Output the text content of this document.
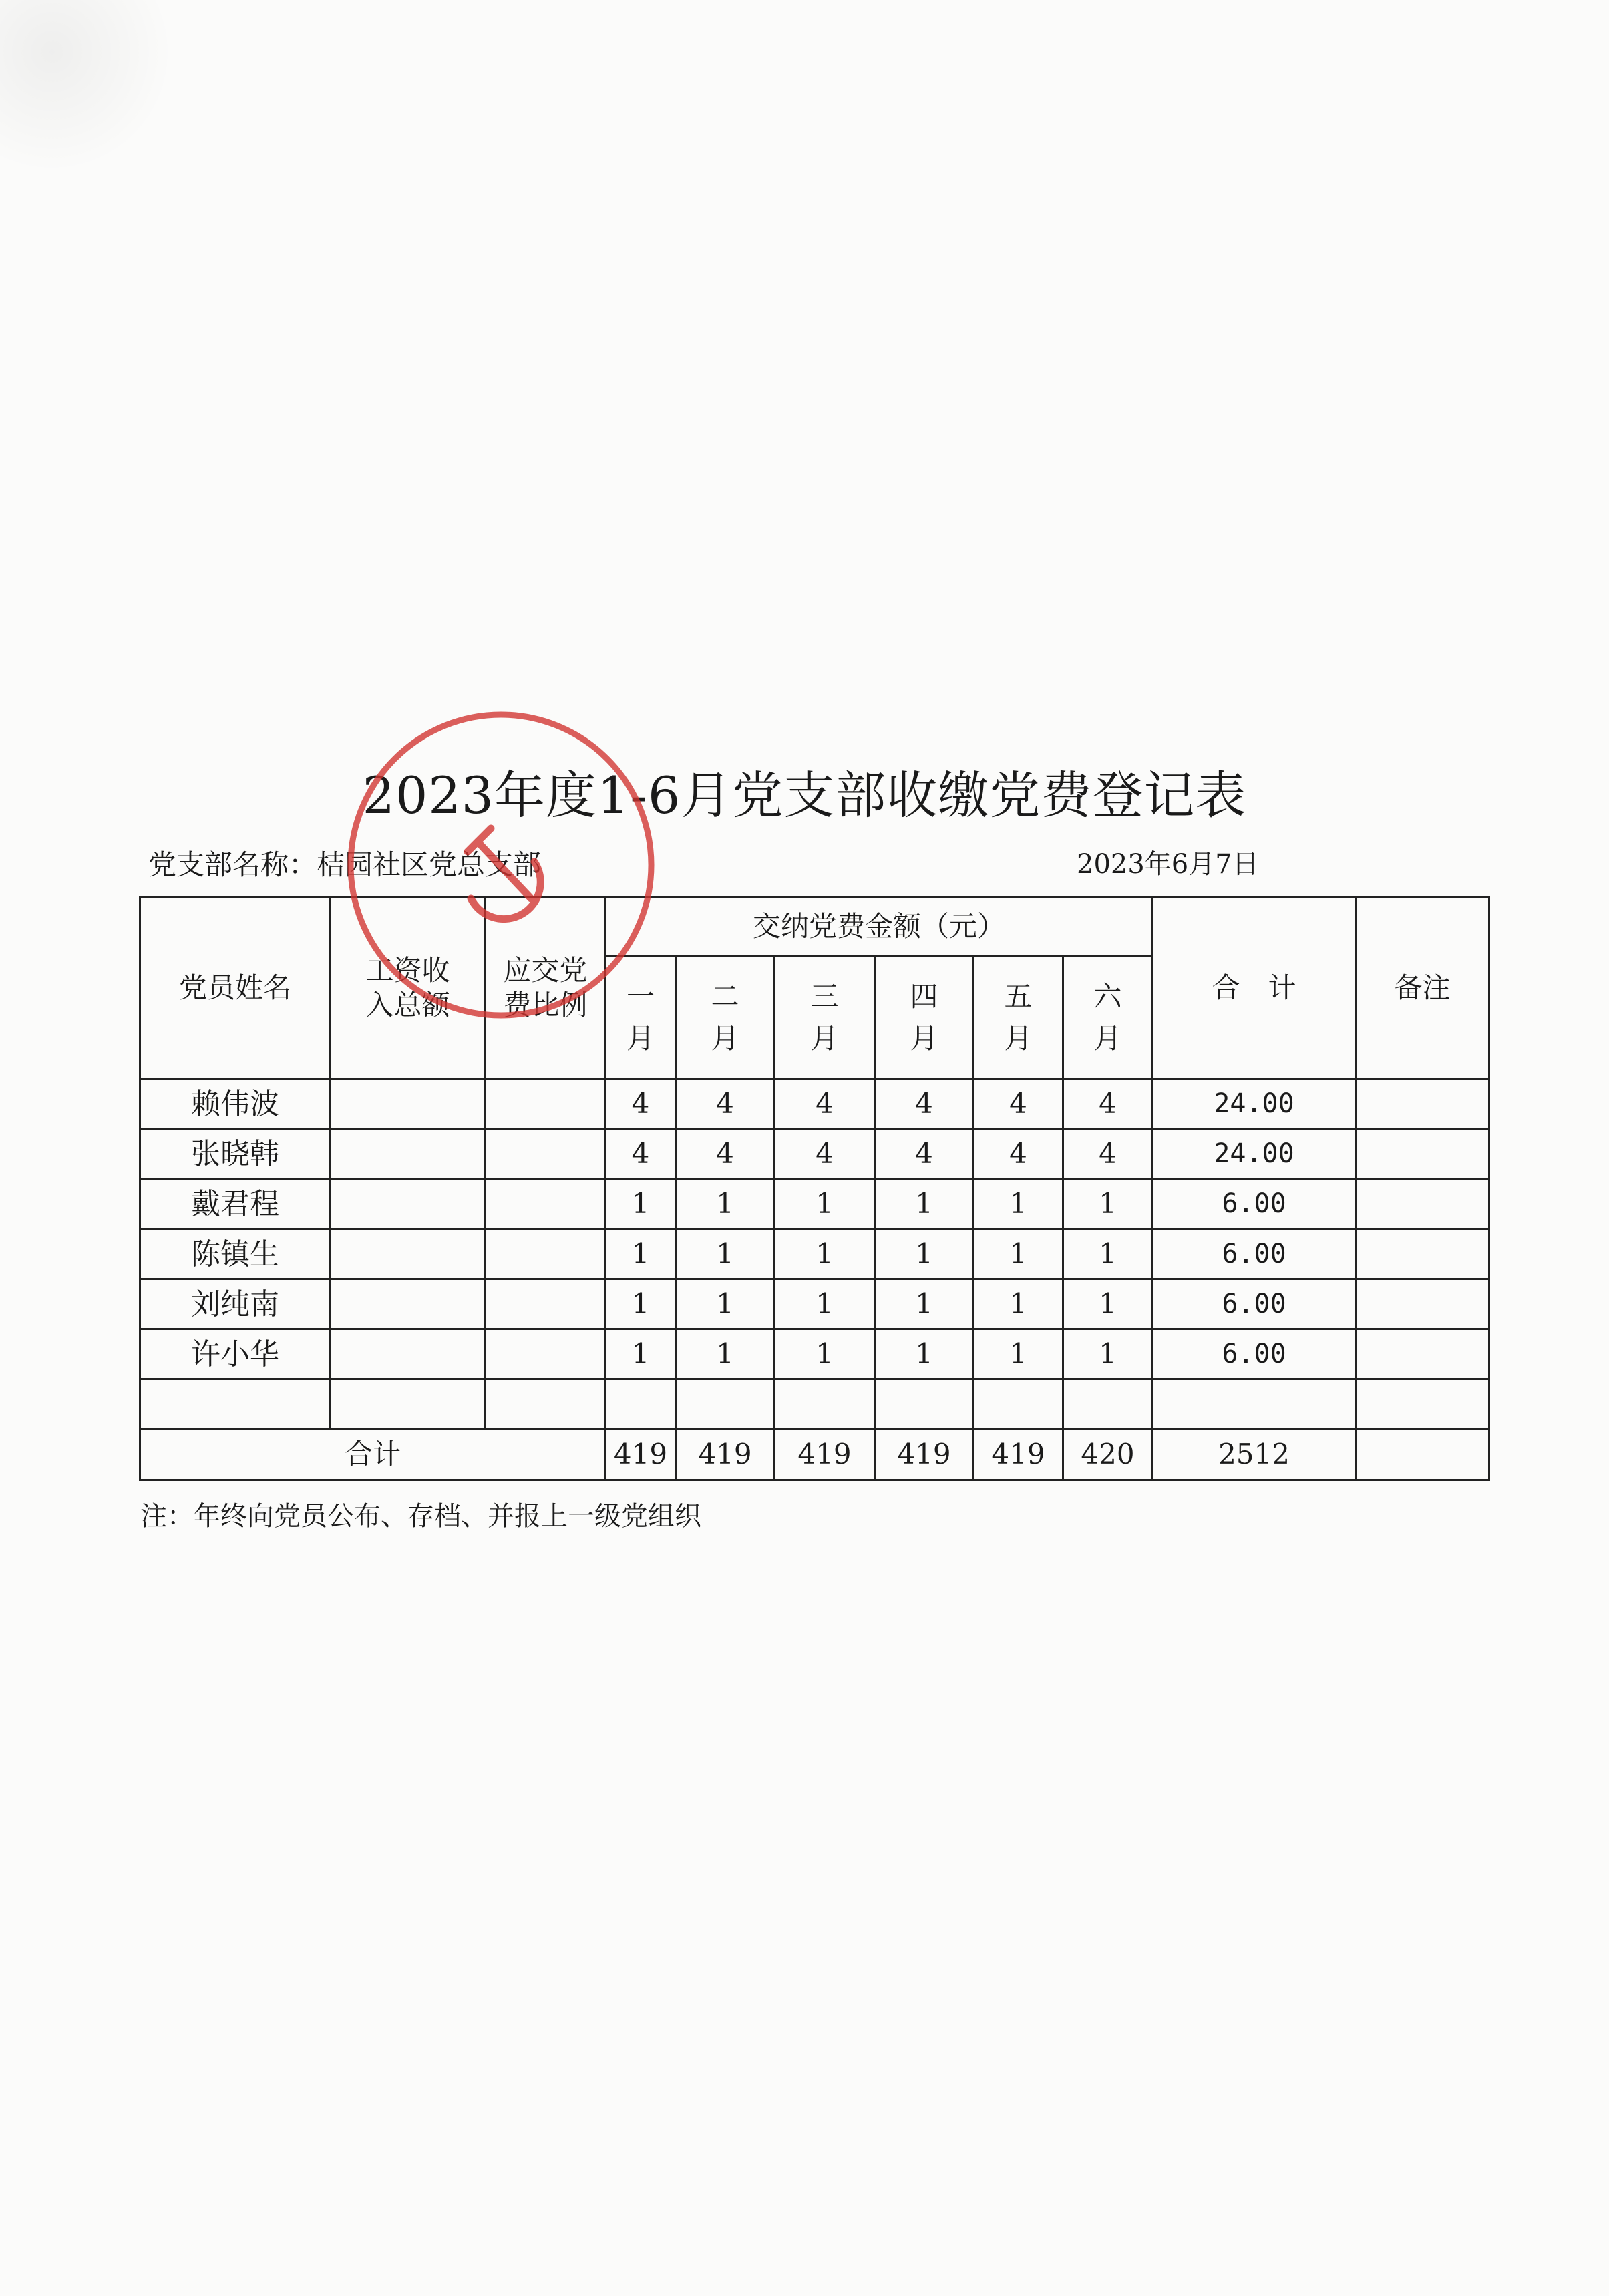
2023年度1-6月党支部收缴党费登记表
党支部名称：桔园社区党总支部	2023年6月7日
党员姓名	工资收入总额	应交党费比例	交纳党费金额（元）						合　计	备注
			一月	二月	三月	四月	五月	六月		
赖伟波			4	4	4	4	4	4	24.00	
张晓韩			4	4	4	4	4	4	24.00	
戴君程			1	1	1	1	1	1	6.00	
陈镇生			1	1	1	1	1	1	6.00	
刘纯南			1	1	1	1	1	1	6.00	
许小华			1	1	1	1	1	1	6.00	

合计			419	419	419	419	419	420	2512	
注：年终向党员公布、存档、并报上一级党组织
